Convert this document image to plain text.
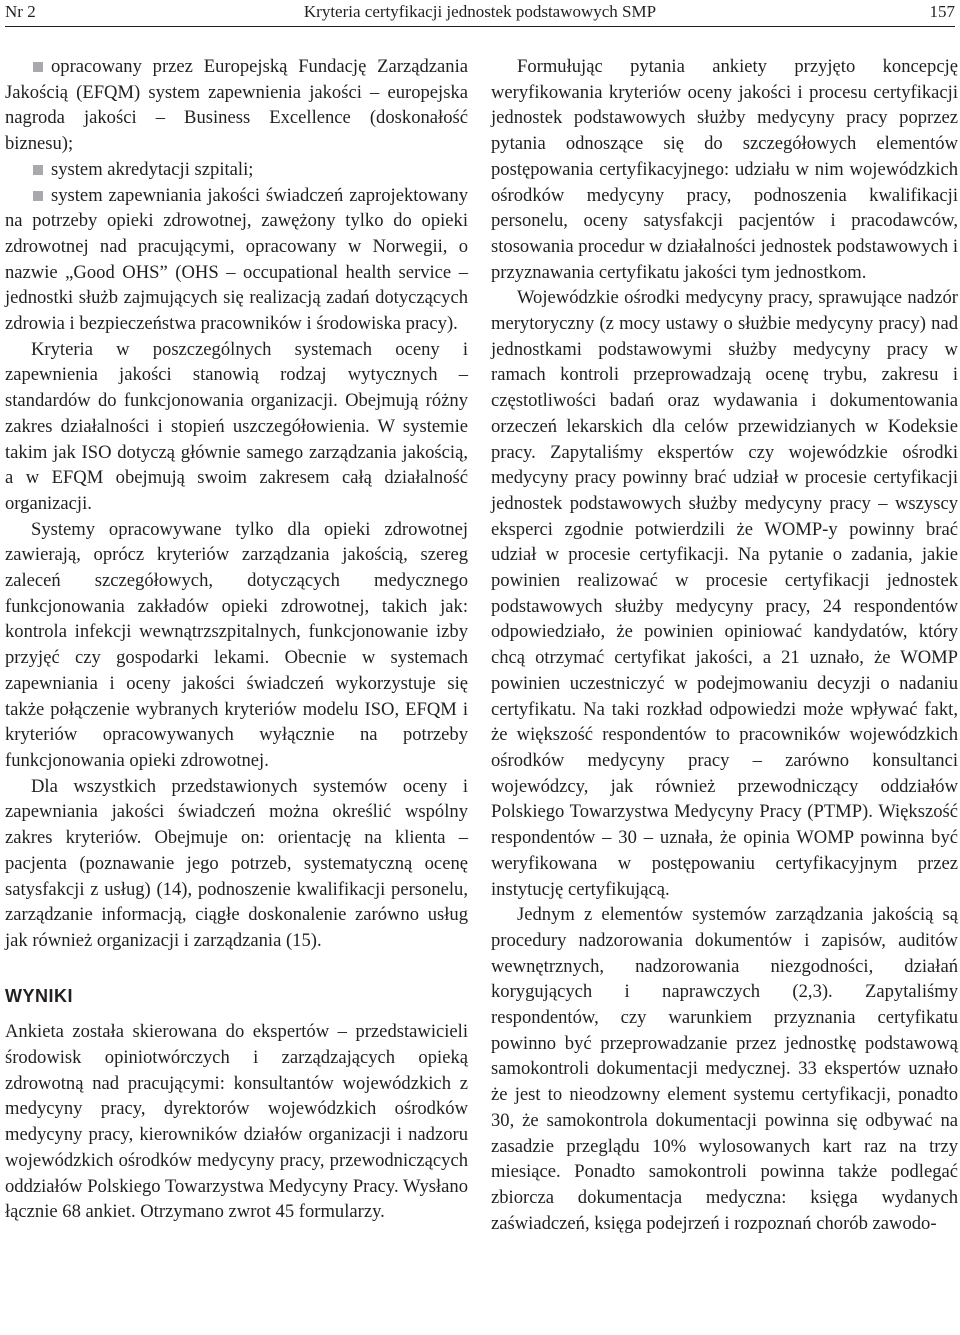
Nr 2	Kryteria certyfikacji jednostek podstawowych SMP	157

opracowany przez Europejską Fundację Zarządzania Jakością (EFQM) system zapewnienia jakości – europejska nagroda jakości – Business Excellence (doskonałość biznesu);

system akredytacji szpitali;

system zapewniania jakości świadczeń zaprojektowany na potrzeby opieki zdrowotnej, zawężony tylko do opieki zdrowotnej nad pracującymi, opracowany w Norwegii, o nazwie „Good OHS” (OHS – occupational health service – jednostki służb zajmujących się realizacją zadań dotyczących zdrowia i bezpieczeństwa pracowników i środowiska pracy).

Kryteria w poszczególnych systemach oceny i zapewnienia jakości stanowią rodzaj wytycznych – standardów do funkcjonowania organizacji. Obejmują różny zakres działalności i stopień uszczegółowienia. W systemie takim jak ISO dotyczą głównie samego zarządzania jakością, a w EFQM obejmują swoim zakresem całą działalność organizacji.

Systemy opracowywane tylko dla opieki zdrowotnej zawierają, oprócz kryteriów zarządzania jakością, szereg zaleceń szczegółowych, dotyczących medycznego funkcjonowania zakładów opieki zdrowotnej, takich jak: kontrola infekcji wewnątrzszpitalnych, funkcjonowanie izby przyjęć czy gospodarki lekami. Obecnie w systemach zapewniania i oceny jakości świadczeń wykorzystuje się także połączenie wybranych kryteriów modelu ISO, EFQM i kryteriów opracowywanych wyłącznie na potrzeby funkcjonowania opieki zdrowotnej.

Dla wszystkich przedstawionych systemów oceny i zapewniania jakości świadczeń można określić wspólny zakres kryteriów. Obejmuje on: orientację na klienta – pacjenta (poznawanie jego potrzeb, systematyczną ocenę satysfakcji z usług) (14), podnoszenie kwalifikacji personelu, zarządzanie informacją, ciągłe doskonalenie zarówno usług jak również organizacji i zarządzania (15).

WYNIKI

Ankieta została skierowana do ekspertów – przedstawicieli środowisk opiniotwórczych i zarządzających opieką zdrowotną nad pracującymi: konsultantów wojewódzkich z medycyny pracy, dyrektorów wojewódzkich ośrodków medycyny pracy, kierowników działów organizacji i nadzoru wojewódzkich ośrodków medycyny pracy, przewodniczących oddziałów Polskiego Towarzystwa Medycyny Pracy. Wysłano łącznie 68 ankiet. Otrzymano zwrot 45 formularzy.

Formułując pytania ankiety przyjęto koncepcję weryfikowania kryteriów oceny jakości i procesu certyfikacji jednostek podstawowych służby medycyny pracy poprzez pytania odnoszące się do szczegółowych elementów postępowania certyfikacyjnego: udziału w nim wojewódzkich ośrodków medycyny pracy, podnoszenia kwalifikacji personelu, oceny satysfakcji pacjentów i pracodawców, stosowania procedur w działalności jednostek podstawowych i przyznawania certyfikatu jakości tym jednostkom.

Wojewódzkie ośrodki medycyny pracy, sprawujące nadzór merytoryczny (z mocy ustawy o służbie medycyny pracy) nad jednostkami podstawowymi służby medycyny pracy w ramach kontroli przeprowadzają ocenę trybu, zakresu i częstotliwości badań oraz wydawania i dokumentowania orzeczeń lekarskich dla celów przewidzianych w Kodeksie pracy. Zapytaliśmy ekspertów czy wojewódzkie ośrodki medycyny pracy powinny brać udział w procesie certyfikacji jednostek podstawowych służby medycyny pracy – wszyscy eksperci zgodnie potwierdzili że WOMP-y powinny brać udział w procesie certyfikacji. Na pytanie o zadania, jakie powinien realizować w procesie certyfikacji jednostek podstawowych służby medycyny pracy, 24 respondentów odpowiedziało, że powinien opiniować kandydatów, który chcą otrzymać certyfikat jakości, a 21 uznało, że WOMP powinien uczestniczyć w podejmowaniu decyzji o nadaniu certyfikatu. Na taki rozkład odpowiedzi może wpływać fakt, że większość respondentów to pracowników wojewódzkich ośrodków medycyny pracy – zarówno konsultanci wojewódzcy, jak również przewodniczący oddziałów Polskiego Towarzystwa Medycyny Pracy (PTMP). Większość respondentów – 30 – uznała, że opinia WOMP powinna być weryfikowana w postępowaniu certyfikacyjnym przez instytucję certyfikującą.

Jednym z elementów systemów zarządzania jakością są procedury nadzorowania dokumentów i zapisów, auditów wewnętrznych, nadzorowania niezgodności, działań korygujących i naprawczych (2,3). Zapytaliśmy respondentów, czy warunkiem przyznania certyfikatu powinno być przeprowadzanie przez jednostkę podstawową samokontroli dokumentacji medycznej. 33 ekspertów uznało że jest to nieodzowny element systemu certyfikacji, ponadto 30, że samokontrola dokumentacji powinna się odbywać na zasadzie przeglądu 10% wylosowanych kart raz na trzy miesiące. Ponadto samokontroli powinna także podlegać zbiorcza dokumentacja medyczna: księga wydanych zaświadczeń, księga podejrzeń i rozpoznań chorób zawodo-
